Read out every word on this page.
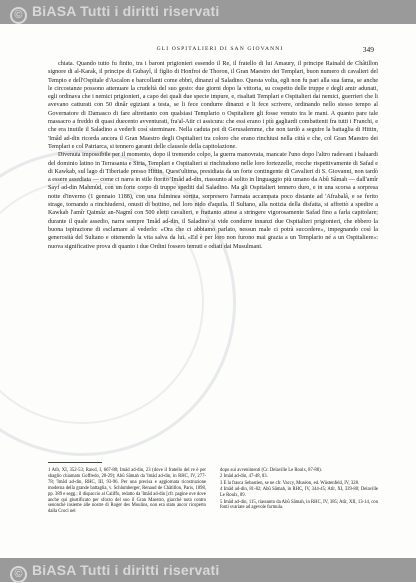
© BiASA Tutti i diritti riservati
GLI OSPITALIERI DI SAN GIOVANNI	349

chiata. Quando tutto fu finito, tra i baroni prigionieri essendo il Re, il fratello di lui Amaury, il principe Rainald de Châtillon signore di al-Karak, il principe di Gubayl, il figlio di Honfroi de Thoron, il Gran Maestro dei Templari, buon numero di cavalieri del Tempio e dell'Ospitale d'Ascalon e barcollanti come ebbri, dinanzi al Saladino. Questa volta, egli non fu pari alla sua fama, se anche le circostanze possono attenuare la crudeltà del suo gesto: due giorni dopo la vittoria, su cospetto delle truppe e degli amir adunati, egli ordinava che i nemici prigionieri, a capo dei quali due specie impure, e, risaltati Templari e Ospitalieri dai nemici, guerrieri che li avevano catturati con 50 dinâr egiziani a testa, se li fece condurre dinanzi e li fece scrivere, ordinando nello stesso tempo al Governatore di Damasco di fare altrettanto con qualsiasi Templario o Ospitaliere gli fosse venuto tra le mani. A quanto pare tale massacro a freddo di quasi duecento avventurati, fra'al-Atir ci assicura: che essi erano i più gagliardi combattenti fra tutti i Franchi, e che era inutile il Saladino a vederli così sterminare. Nella caduta poi di Gerusalemme, che non tardò a seguire la battaglia di Hittin, 'Imâd ad-din ricorda ancora il Gran Maestro degli Ospitalieri tra coloro che erano rinchiusi nella città e che, col Gran Maestro dei Templari e col Patriarca, si tennero garanti delle clausole della capitolazione.

Divenuta impossibile per il momento, dopo il tremendo colpo, la guerra manovrata, mancate l'uno dopo l'altro radevani i baluardi del dominio latino in Terrasanta e Siria, Templari e Ospitalieri si rinchiudono nelle loro fortezzelle, rocche rispettivamente di Safad e di Kawkab, sul lago di Tiberiade presso Hittin. Quest'ultima, presidiata da un forte contingente di Cavalieri di S. Giovanni, non tardò a essere assediata — come ci narra in stile fiorito 'Imâd ad-din, riassunto al solito in linguaggio più umano da Abû Sâmah — dall'amîr Sayf ad-din Mahmûd, con un forte corpo di truppe spediti dal Saladino. Ma gli Ospitalieri tennero duro, e in una scorsa a sorpresa notte d'inverno (1 gennaio 1188), con una fulminea sortita, sorpresero l'armata accampata poco distante ad 'Afrabalâ, e se ferito strage, tornando a rinchiudersi, onusti di bottino, nel loro nido d'aquila. Il Sultano, alla notizia della disfatta, si affrettò a spedire a Kawkab l'amîr Qaimâz an-Nagmî con 500 eletti cavalieri, e frattanto attese a stringere vigorosamente Safad fino a farla capitolare; durante il quale assedio, narra sempre 'Imâd ad-din, il Saladino si vide condurre innanzi due Ospitalieri prigionieri, che ebbero la buona ispirazione di esclamare al vederlo: «Ora che ci abbiamo parlato, nessun male ci potrà succedere», impegnando così la generosità del Sultano e ottenendo la vita salva da lui. «Ed è per loro non furono mai grazia a un Templario né a un Ospitaliere»: nuova significative prova di quanto i due Ordini fossero temuti e odiati dai Musulmani.

1 Atîr, XI, 352-53; Rawd, I, 667-88; Imâd ad-din, 23 (dove il fratello del re è per sbaglio chiamato Goffredo, 28-29); Abû Sâmah da 'Imâd ad-din, in RHC, IV, 277-78; 'Imâd ad-din, RHC, III, 93-96. Per una precisa e aggiornata ricostruzione moderna della grande battaglia, v. Schlumberger, Renaud de Châtillon, Paris, 1898, pp. 389 e segg.; il dispaccio al Califfo, redatto da 'Imâd ad-din [cfr. pagine ove dove anche qui giustificato per sforzo del suo il Gran Maestro, giacché nota contro senonché insieme alle nostre di Roger des Moulins, non era stato ancor ricoperto dalla Croci nel

dopo sui avvenimenti (Cr. Delaville Le Roulx, 87-88).

2 Imâd ad-din, 47-48, 83.

3 E la frasca Sebastien, se ne cfr. Vaccy, Muséon, ed. Wüstenfeld, IV, 328.

4 Imâd ad-din, 81-82; Abû Sâmah, in RHC, IV, 344-45; Atîr, XI, 339-80; Delaville Le Roulx, 89.

5 Imâd ad-din, 115, riassunto da Abû Sâmah, in RHC, IV, 385; Atîr, XII, 13-14, con fonti svariate ad agevole formula.

© BiASA Tutti i diritti riservati
